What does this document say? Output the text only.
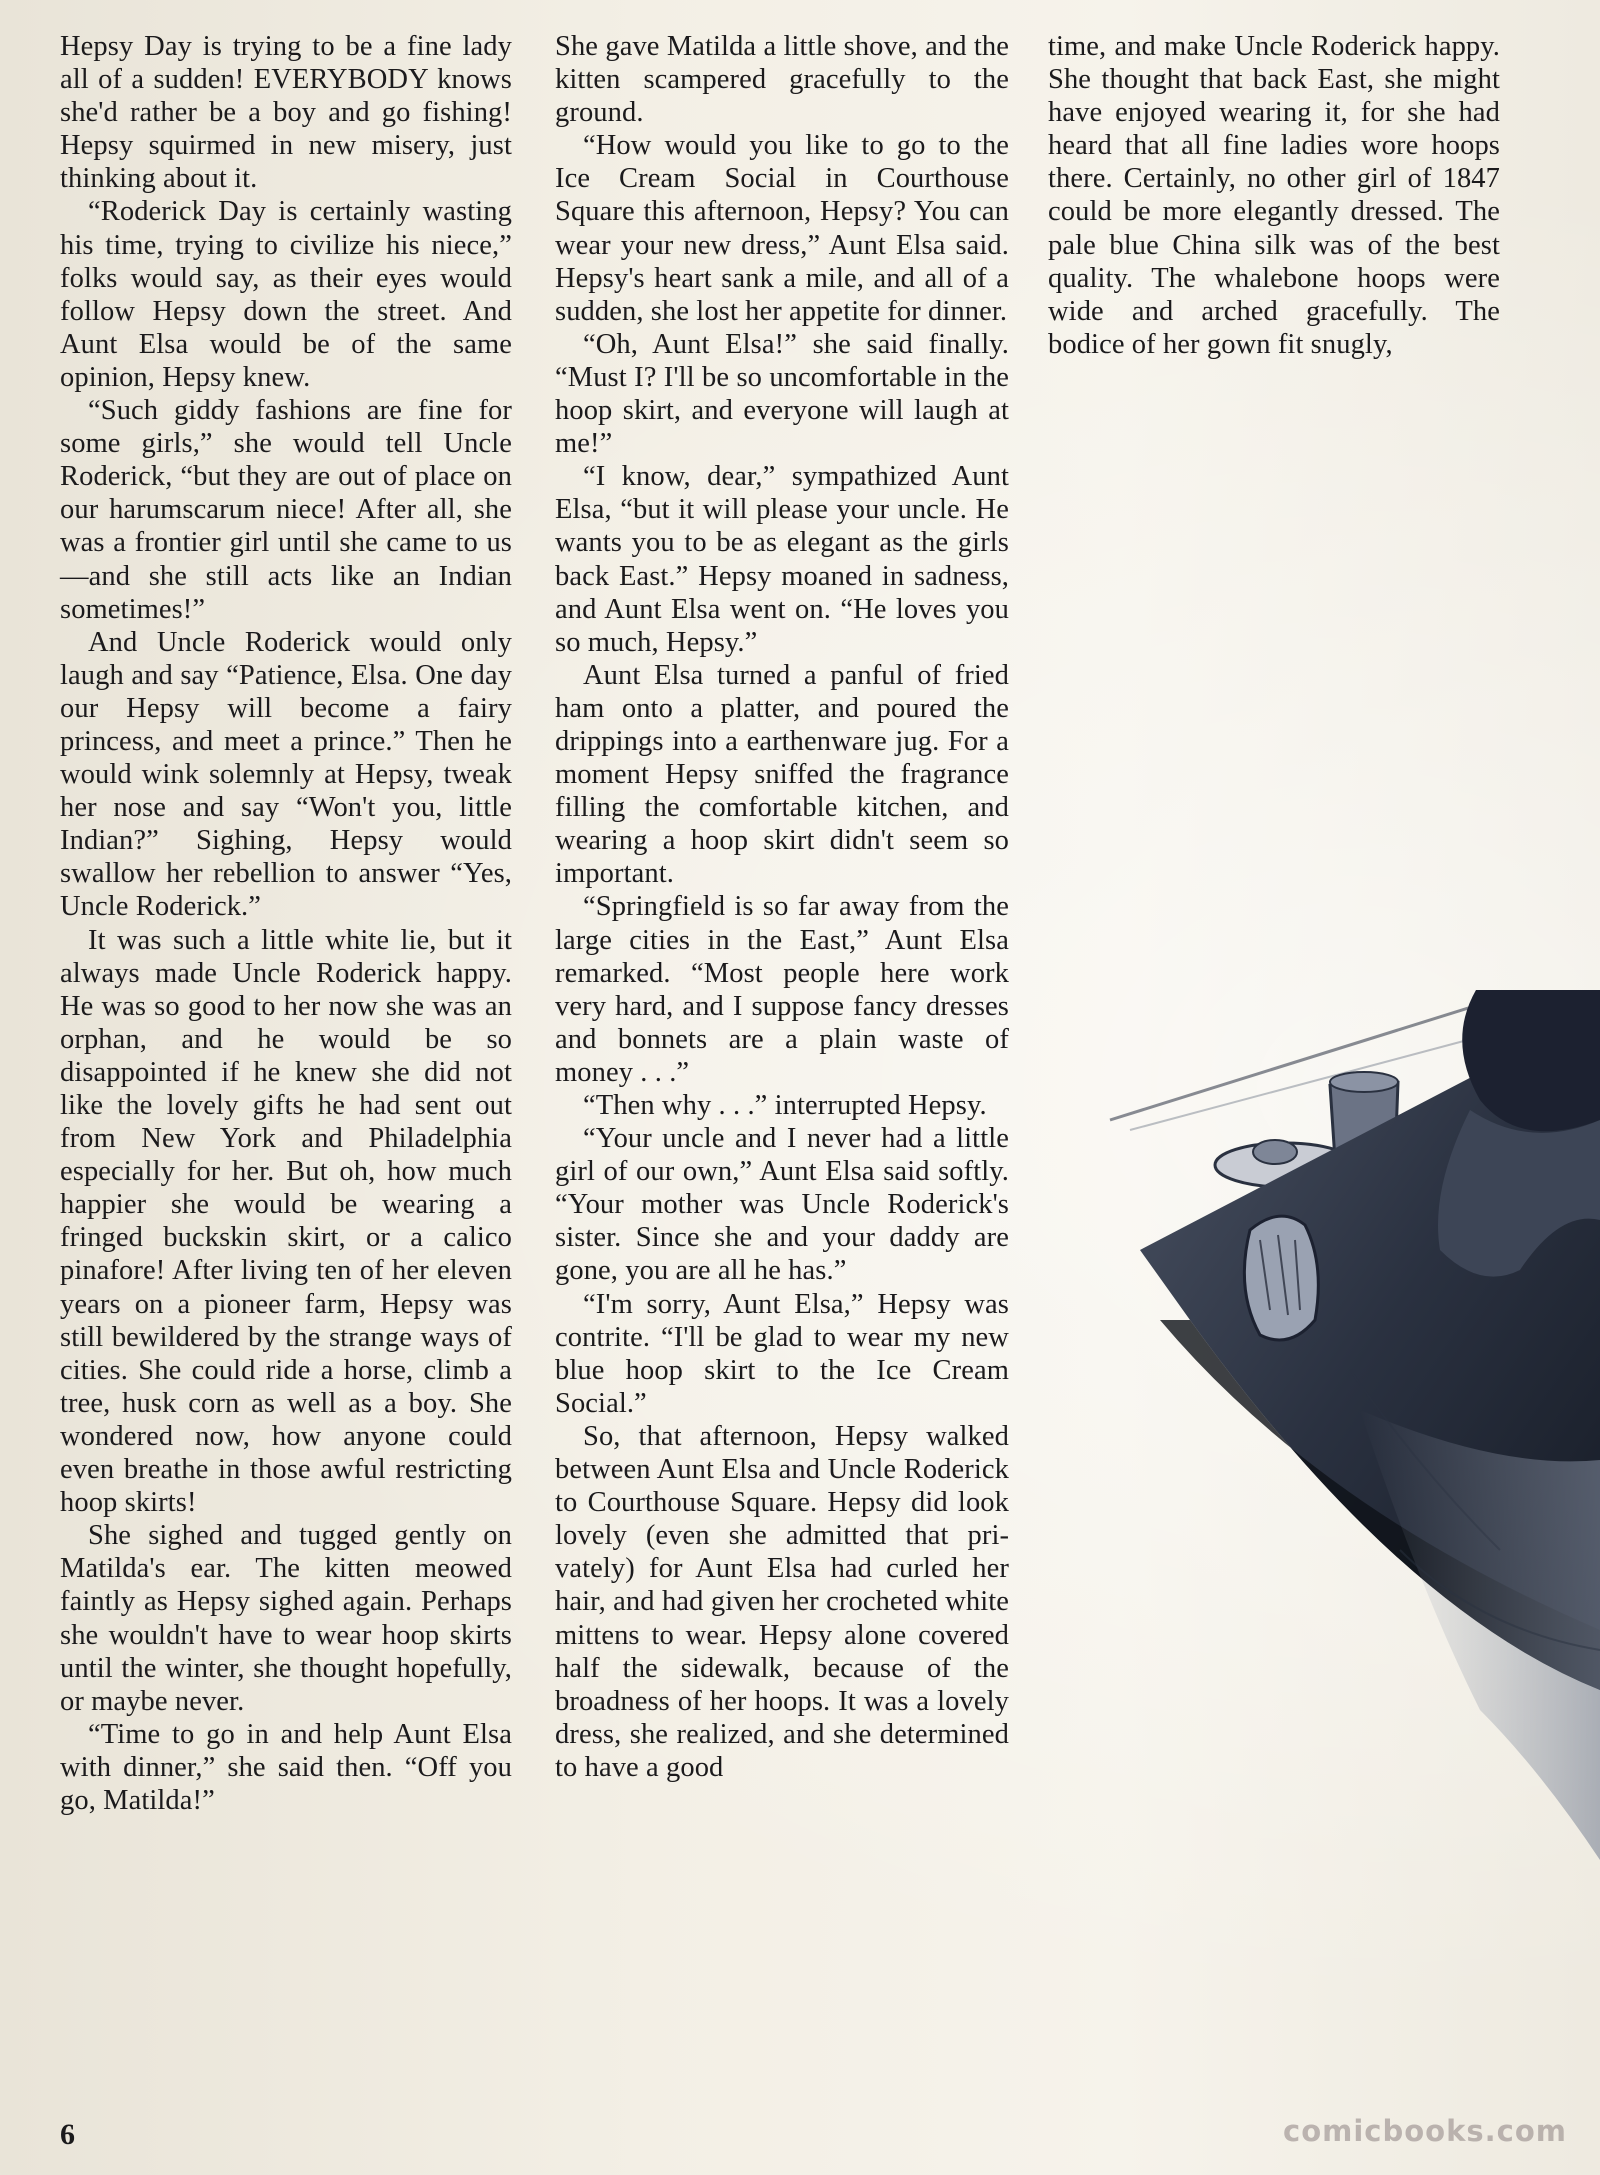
Hepsy Day is trying to be a fine lady all of a sudden! EVERYBODY knows she'd rather be a boy and go fishing! Hepsy squirmed in new misery, just thinking about it.

“Roderick Day is certainly wasting his time, trying to civilize his niece,” folks would say, as their eyes would follow Hepsy down the street. And Aunt Elsa would be of the same opinion, Hepsy knew.

“Such giddy fashions are fine for some girls,” she would tell Uncle Roderick, “but they are out of place on our harumscarum niece! After all, she was a frontier girl until she came to us—and she still acts like an Indian sometimes!”

And Uncle Roderick would only laugh and say “Patience, Elsa. One day our Hepsy will become a fairy princess, and meet a prince.” Then he would wink solemnly at Hepsy, tweak her nose and say “Won't you, little Indian?” Sighing, Hepsy would swallow her rebellion to answer “Yes, Uncle Roderick.”

It was such a little white lie, but it always made Uncle Roderick happy. He was so good to her now she was an orphan, and he would be so disappointed if he knew she did not like the lovely gifts he had sent out from New York and Philadelphia especially for her. But oh, how much happier she would be wearing a fringed buckskin skirt, or a calico pinafore! After living ten of her eleven years on a pioneer farm, Hepsy was still bewildered by the strange ways of cities. She could ride a horse, climb a tree, husk corn as well as a boy. She wondered now, how anyone could even breathe in those awful restricting hoop skirts!

She sighed and tugged gently on Matilda's ear. The kitten meowed faintly as Hepsy sighed again. Perhaps she wouldn't have to wear hoop skirts until the winter, she thought hopefully, or maybe never.

“Time to go in and help Aunt Elsa with dinner,” she said then. “Off you go, Matilda!”

She gave Matilda a little shove, and the kitten scampered gracefully to the ground.

“How would you like to go to the Ice Cream Social in Courthouse Square this afternoon, Hepsy? You can wear your new dress,” Aunt Elsa said. Hepsy's heart sank a mile, and all of a sudden, she lost her appetite for dinner.

“Oh, Aunt Elsa!” she said finally. “Must I? I'll be so uncomfortable in the hoop skirt, and everyone will laugh at me!”

“I know, dear,” sympathized Aunt Elsa, “but it will please your uncle. He wants you to be as elegant as the girls back East.” Hepsy moaned in sadness, and Aunt Elsa went on. “He loves you so much, Hepsy.”

Aunt Elsa turned a panful of fried ham onto a platter, and poured the drippings into a earthenware jug. For a moment Hepsy sniffed the fragrance filling the comfortable kitchen, and wearing a hoop skirt didn't seem so important.

“Springfield is so far away from the large cities in the East,” Aunt Elsa remarked. “Most people here work very hard, and I suppose fancy dresses and bonnets are a plain waste of money . . .”

“Then why . . .” interrupted Hepsy.

“Your uncle and I never had a little girl of our own,” Aunt Elsa said softly. “Your mother was Uncle Roderick's sister. Since she and your daddy are gone, you are all he has.”

“I'm sorry, Aunt Elsa,” Hepsy was contrite. “I'll be glad to wear my new blue hoop skirt to the Ice Cream Social.”

So, that afternoon, Hepsy walked between Aunt Elsa and Uncle Roderick to Courthouse Square. Hepsy did look lovely (even she admitted that privately) for Aunt Elsa had curled her hair, and had given her crocheted white mittens to wear. Hepsy alone covered half the sidewalk, because of the broadness of her hoops. It was a lovely dress, she realized, and she determined to have a good

time, and make Uncle Roderick happy. She thought that back East, she might have enjoyed wearing it, for she had heard that all fine ladies wore hoops there. Certainly, no other girl of 1847 could be more elegantly dressed. The pale blue China silk was of the best quality. The whalebone hoops were wide and arched gracefully. The bodice of her gown fit snugly,

6	comicbooks.com
